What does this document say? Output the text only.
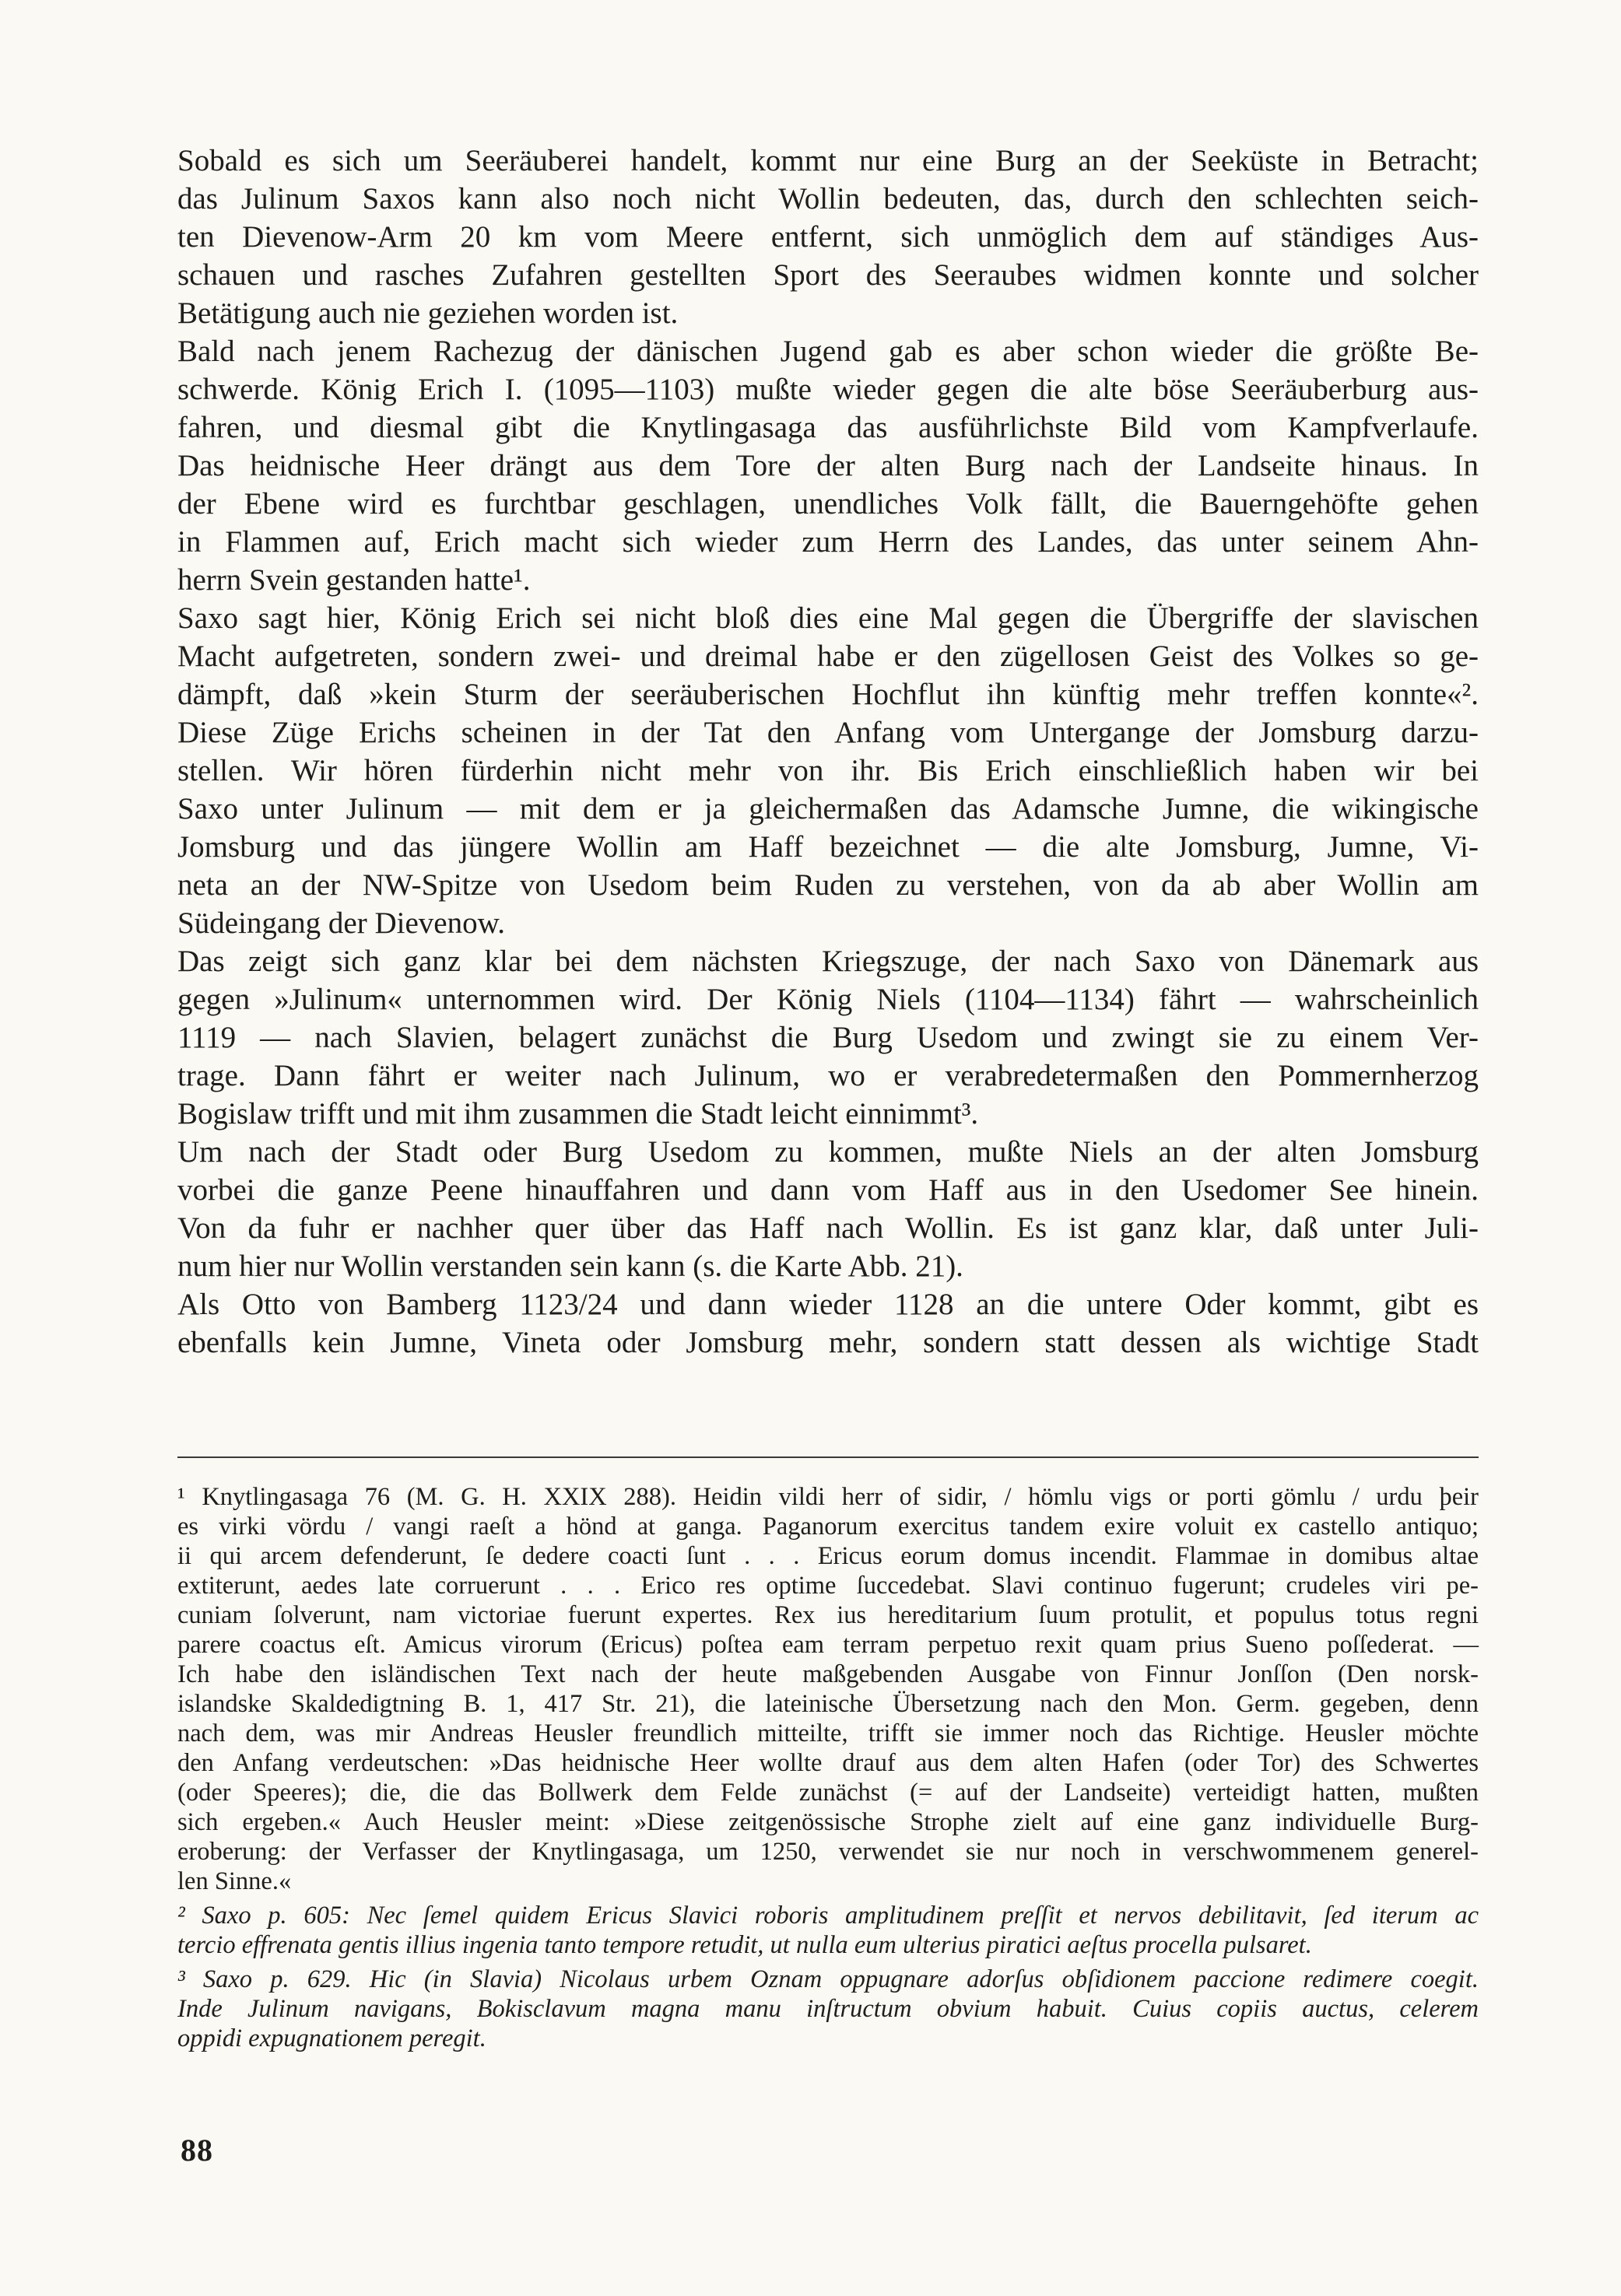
Sobald es sich um Seeräuberei handelt, kommt nur eine Burg an der Seeküste in Betracht;
das Julinum Saxos kann also noch nicht Wollin bedeuten, das, durch den schlechten seich-
ten Dievenow-Arm 20 km vom Meere entfernt, sich unmöglich dem auf ständiges Aus-
schauen und rasches Zufahren gestellten Sport des Seeraubes widmen konnte und solcher
Betätigung auch nie geziehen worden ist.
Bald nach jenem Rachezug der dänischen Jugend gab es aber schon wieder die größte Be-
schwerde. König Erich I. (1095—1103) mußte wieder gegen die alte böse Seeräuberburg aus-
fahren, und diesmal gibt die Knytlingasaga das ausführlichste Bild vom Kampfverlaufe.
Das heidnische Heer drängt aus dem Tore der alten Burg nach der Landseite hinaus. In
der Ebene wird es furchtbar geschlagen, unendliches Volk fällt, die Bauerngehöfte gehen
in Flammen auf, Erich macht sich wieder zum Herrn des Landes, das unter seinem Ahn-
herrn Svein gestanden hatte¹.
Saxo sagt hier, König Erich sei nicht bloß dies eine Mal gegen die Übergriffe der slavischen
Macht aufgetreten, sondern zwei- und dreimal habe er den zügellosen Geist des Volkes so ge-
dämpft, daß »kein Sturm der seeräuberischen Hochflut ihn künftig mehr treffen konnte«².
Diese Züge Erichs scheinen in der Tat den Anfang vom Untergange der Jomsburg darzu-
stellen. Wir hören fürderhin nicht mehr von ihr. Bis Erich einschließlich haben wir bei
Saxo unter Julinum — mit dem er ja gleichermaßen das Adamsche Jumne, die wikingische
Jomsburg und das jüngere Wollin am Haff bezeichnet — die alte Jomsburg, Jumne, Vi-
neta an der NW-Spitze von Usedom beim Ruden zu verstehen, von da ab aber Wollin am
Südeingang der Dievenow.
Das zeigt sich ganz klar bei dem nächsten Kriegszuge, der nach Saxo von Dänemark aus
gegen »Julinum« unternommen wird. Der König Niels (1104—1134) fährt — wahrscheinlich
1119 — nach Slavien, belagert zunächst die Burg Usedom und zwingt sie zu einem Ver-
trage. Dann fährt er weiter nach Julinum, wo er verabredetermaßen den Pommernherzog
Bogislaw trifft und mit ihm zusammen die Stadt leicht einnimmt³.
Um nach der Stadt oder Burg Usedom zu kommen, mußte Niels an der alten Jomsburg
vorbei die ganze Peene hinauffahren und dann vom Haff aus in den Usedomer See hinein.
Von da fuhr er nachher quer über das Haff nach Wollin. Es ist ganz klar, daß unter Juli-
num hier nur Wollin verstanden sein kann (s. die Karte Abb. 21).
Als Otto von Bamberg 1123/24 und dann wieder 1128 an die untere Oder kommt, gibt es
ebenfalls kein Jumne, Vineta oder Jomsburg mehr, sondern statt dessen als wichtige Stadt
¹ Knytlingasaga 76 (M. G. H. XXIX 288). Heidin vildi herr of sidir, / hömlu vigs or porti gömlu / urdu þeir
es virki vördu / vangi raeſt a hönd at ganga. Paganorum exercitus tandem exire voluit ex castello antiquo;
ii qui arcem defenderunt, ſe dedere coacti ſunt . . . Ericus eorum domus incendit. Flammae in domibus altae
extiterunt, aedes late corruerunt . . . Erico res optime ſuccedebat. Slavi continuo fugerunt; crudeles viri pe-
cuniam ſolverunt, nam victoriae fuerunt expertes. Rex ius hereditarium ſuum protulit, et populus totus regni
parere coactus eſt. Amicus virorum (Ericus) poſtea eam terram perpetuo rexit quam prius Sueno poſſederat. —
Ich habe den isländischen Text nach der heute maßgebenden Ausgabe von Finnur Jonſſon (Den norsk-
islandske Skaldedigtning B. 1, 417 Str. 21), die lateinische Übersetzung nach den Mon. Germ. gegeben, denn
nach dem, was mir Andreas Heusler freundlich mitteilte, trifft sie immer noch das Richtige. Heusler möchte
den Anfang verdeutschen: »Das heidnische Heer wollte drauf aus dem alten Hafen (oder Tor) des Schwertes
(oder Speeres); die, die das Bollwerk dem Felde zunächst (= auf der Landseite) verteidigt hatten, mußten
sich ergeben.« Auch Heusler meint: »Diese zeitgenössische Strophe zielt auf eine ganz individuelle Burg-
eroberung: der Verfasser der Knytlingasaga, um 1250, verwendet sie nur noch in verschwommenem generel-
len Sinne.«
² Saxo p. 605: Nec ſemel quidem Ericus Slavici roboris amplitudinem preſſit et nervos debilitavit, ſed iterum ac
tercio effrenata gentis illius ingenia tanto tempore retudit, ut nulla eum ulterius piratici aeſtus procella pulsaret.
³ Saxo p. 629. Hic (in Slavia) Nicolaus urbem Oznam oppugnare adorſus obſidionem paccione redimere coegit.
Inde Julinum navigans, Bokisclavum magna manu inſtructum obvium habuit. Cuius copiis auctus, celerem
oppidi expugnationem peregit.
88
